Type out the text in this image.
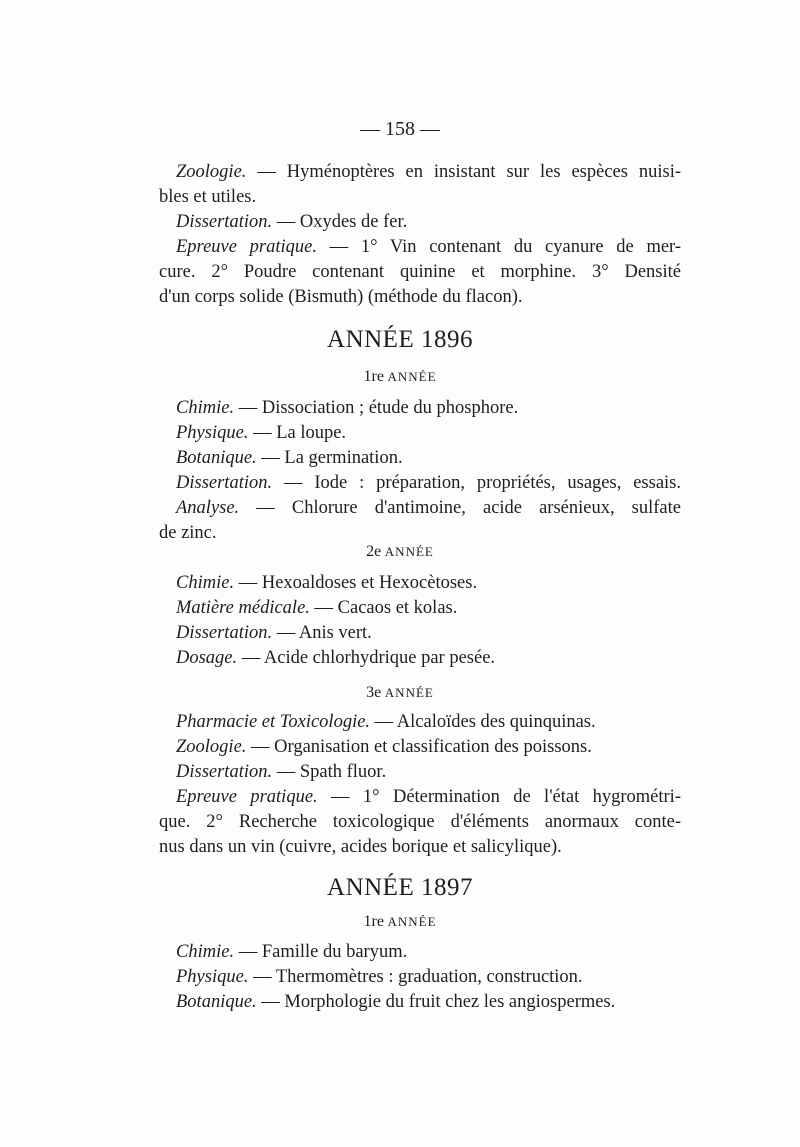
— 158 —
Zoologie. — Hyménoptères en insistant sur les espèces nuisi-
bles et utiles.
Dissertation. — Oxydes de fer.
Epreuve pratique. — 1° Vin contenant du cyanure de mer-
cure. 2° Poudre contenant quinine et morphine. 3° Densité
d'un corps solide (Bismuth) (méthode du flacon).
ANNÉE 1896
1re ANNÉE
Chimie. — Dissociation ; étude du phosphore.
Physique. — La loupe.
Botanique. — La germination.
Dissertation. — Iode : préparation, propriétés, usages, essais.
Analyse. — Chlorure d'antimoine, acide arsénieux, sulfate
de zinc.
2e ANNÉE
Chimie. — Hexoaldoses et Hexocètoses.
Matière médicale. — Cacaos et kolas.
Dissertation. — Anis vert.
Dosage. — Acide chlorhydrique par pesée.
3e ANNÉE
Pharmacie et Toxicologie. — Alcaloïdes des quinquinas.
Zoologie. — Organisation et classification des poissons.
Dissertation. — Spath fluor.
Epreuve pratique. — 1° Détermination de l'état hygrométri-
que. 2° Recherche toxicologique d'éléments anormaux conte-
nus dans un vin (cuivre, acides borique et salicylique).
ANNÉE 1897
1re ANNÉE
Chimie. — Famille du baryum.
Physique. — Thermomètres : graduation, construction.
Botanique. — Morphologie du fruit chez les angiospermes.
